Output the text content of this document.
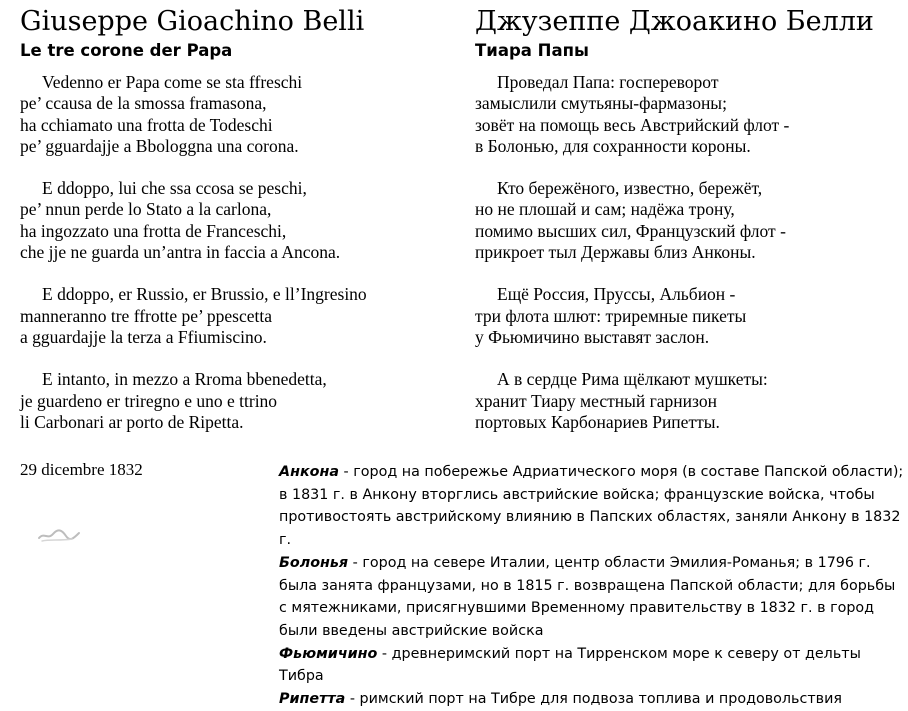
Giuseppe Gioachino Belli
Le tre corone der Papa
Vedenno er Papa come se sta ffreschi
pe’ ccausa de la smossa framasona,
ha cchiamato una frotta de Todeschi
pe’ gguardajje a Bbologgna una corona.
E ddoppo, lui che ssa ccosa se peschi,
pe’ nnun perde lo Stato a la carlona,
ha ingozzato una frotta de Franceschi,
che jje ne guarda un’antra in faccia a Ancona.
E ddoppo, er Russio, er Brussio, e ll’Ingresino
manneranno tre ffrotte pe’ ppescetta
a gguardajje la terza a Ffiumiscino.
E intanto, in mezzo a Rroma bbenedetta,
je guardeno er triregno e uno e ttrino
li Carbonari ar porto de Ripetta.
Джузеппе Джоакино Белли
Тиара Папы
Проведал Папа: госпереворот
замыслили смутьяны-фармазоны;
зовёт на помощь весь Австрийский флот -
в Болонью, для сохранности короны.
Кто бережёного, известно, бережёт,
но не плошай и сам; надёжа трону,
помимо высших сил, Французский флот -
прикроет тыл Державы близ Анконы.
Ещё Россия, Пруссы, Альбион -
три флота шлют: триремные пикеты
у Фьюмичино выставят заслон.
А в сердце Рима щёлкают мушкеты:
хранит Тиару местный гарнизон
портовых Карбонариев Рипетты.
29 dicembre 1832	Анкона - город на побережье Адриатического моря (в составе Папской области); в 1831 г. в Анкону вторглись австрийские войска; французские войска, чтобы противостоять австрийскому влиянию в Папских областях, заняли Анкону в 1832 г.

Болонья - город на севере Италии, центр области Эмилия-Романья; в 1796 г. была занята французами, но в 1815 г. возвращена Папской области; для борьбы с мятежниками, присягнувшими Временному правительству в 1832 г. в город были введены австрийские войска

Фьюмичино - древнеримский порт на Тирренском море к северу от дельты Тибра

Рипетта - римский порт на Тибре для подвоза топлива и продовольствия
